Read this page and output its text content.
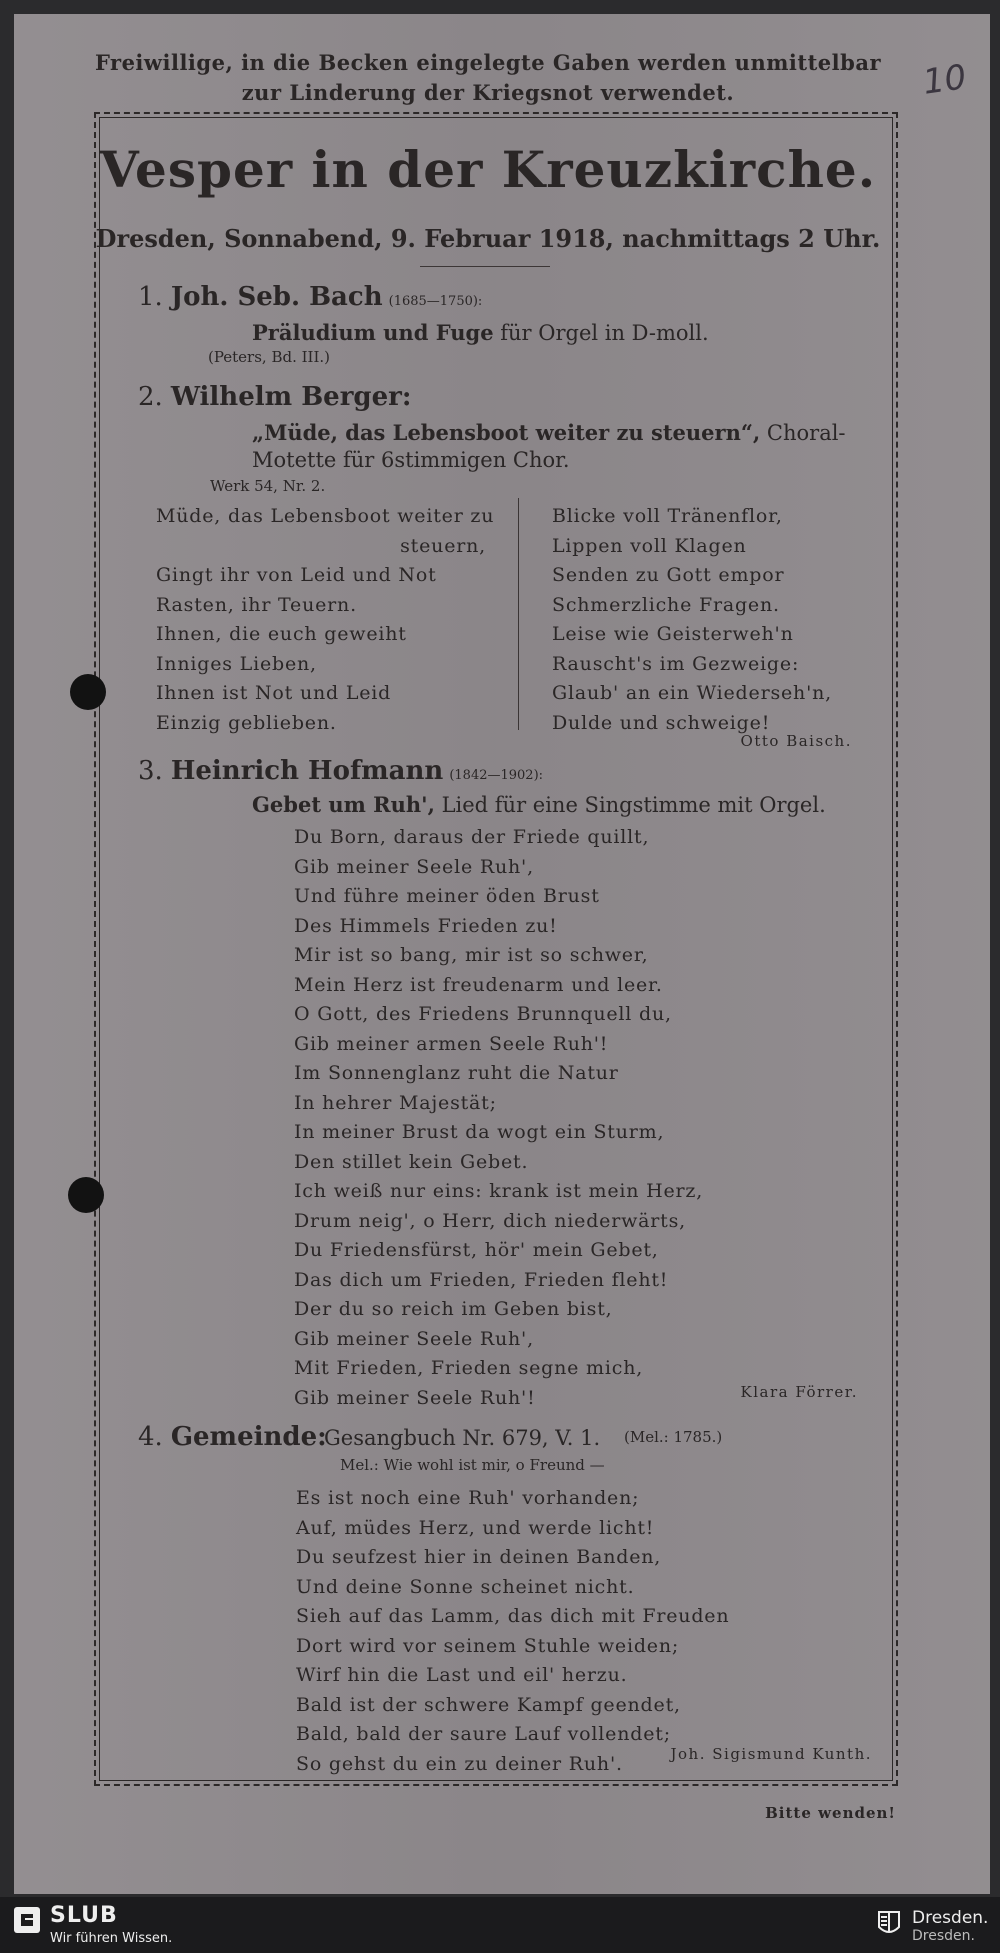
Freiwillige, in die Becken eingelegte Gaben werden unmittelbar
zur Linderung der Kriegsnot verwendet.	10
Vesper in der Kreuzkirche.
Dresden, Sonnabend, 9. Februar 1918, nachmittags 2 Uhr.
1. Joh. Seb. Bach (1685—1750):
Präludium und Fuge für Orgel in D-moll.
(Peters, Bd. III.)
2. Wilhelm Berger:
„Müde, das Lebensboot weiter zu steuern“, Choral-
Motette für 6stimmigen Chor.
Werk 54, Nr. 2.
Müde, das Lebensboot weiter zu
steuern,
Gingt ihr von Leid und Not
Rasten, ihr Teuern.
Ihnen, die euch geweiht
Inniges Lieben,
Ihnen ist Not und Leid
Einzig geblieben.
Blicke voll Tränenflor,
Lippen voll Klagen
Senden zu Gott empor
Schmerzliche Fragen.
Leise wie Geisterweh'n
Rauscht's im Gezweige:
Glaub' an ein Wiederseh'n,
Dulde und schweige!
Otto Baisch.
3. Heinrich Hofmann (1842—1902):
Gebet um Ruh', Lied für eine Singstimme mit Orgel.
Du Born, daraus der Friede quillt,
Gib meiner Seele Ruh',
Und führe meiner öden Brust
Des Himmels Frieden zu!
Mir ist so bang, mir ist so schwer,
Mein Herz ist freudenarm und leer.
O Gott, des Friedens Brunnquell du,
Gib meiner armen Seele Ruh'!
Im Sonnenglanz ruht die Natur
In hehrer Majestät;
In meiner Brust da wogt ein Sturm,
Den stillet kein Gebet.
Ich weiß nur eins: krank ist mein Herz,
Drum neig', o Herr, dich niederwärts,
Du Friedensfürst, hör' mein Gebet,
Das dich um Frieden, Frieden fleht!
Der du so reich im Geben bist,
Gib meiner Seele Ruh',
Mit Frieden, Frieden segne mich,
Gib meiner Seele Ruh'!	Klara Förrer.
4. Gemeinde:
Gesangbuch Nr. 679, V. 1. (Mel.: 1785.)
Mel.: Wie wohl ist mir, o Freund —
Es ist noch eine Ruh' vorhanden;
Auf, müdes Herz, und werde licht!
Du seufzest hier in deinen Banden,
Und deine Sonne scheinet nicht.
Sieh auf das Lamm, das dich mit Freuden
Dort wird vor seinem Stuhle weiden;
Wirf hin die Last und eil' herzu.
Bald ist der schwere Kampf geendet,
Bald, bald der saure Lauf vollendet;
So gehst du ein zu deiner Ruh'.	Joh. Sigismund Kunth.
Bitte wenden!
SLUB
Wir führen Wissen.
Dresden.
Dresden.
